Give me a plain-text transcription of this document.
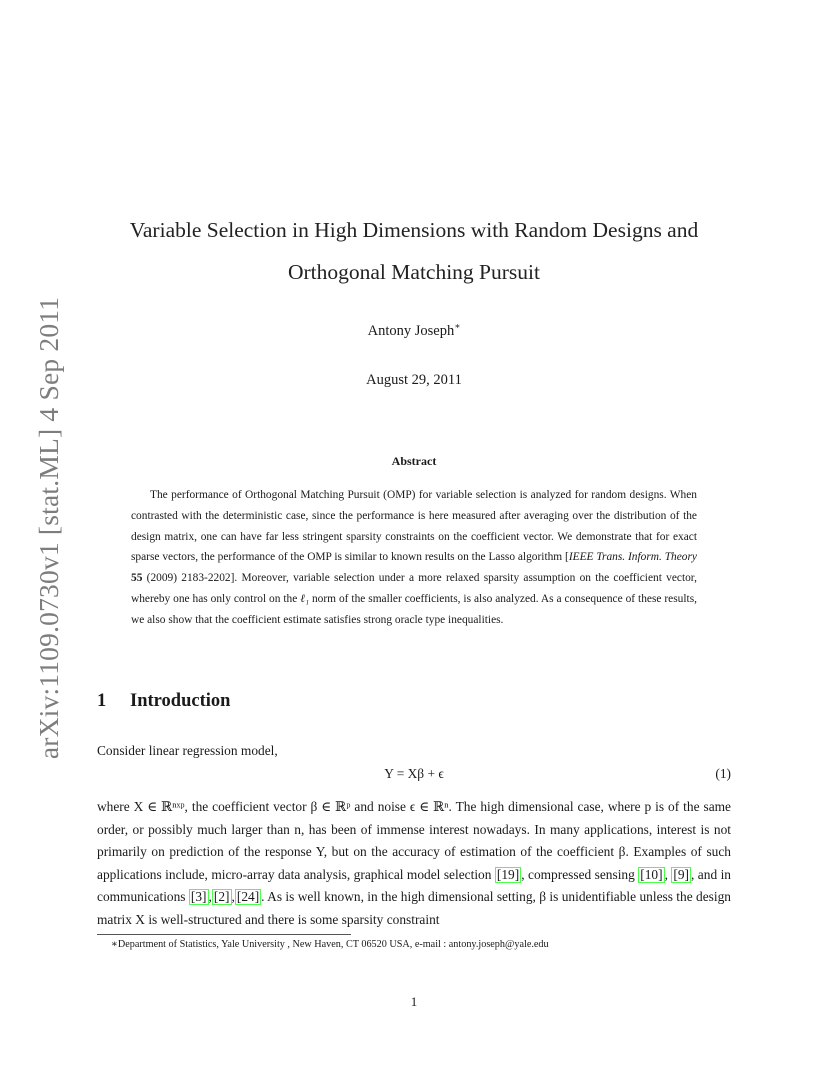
arXiv:1109.0730v1 [stat.ML] 4 Sep 2011
Variable Selection in High Dimensions with Random Designs and
Orthogonal Matching Pursuit
Antony Joseph∗
August 29, 2011
Abstract

The performance of Orthogonal Matching Pursuit (OMP) for variable selection is analyzed for random designs. When contrasted with the deterministic case, since the performance is here measured after averaging over the distribution of the design matrix, one can have far less stringent sparsity constraints on the coefficient vector. We demonstrate that for exact sparse vectors, the performance of the OMP is similar to known results on the Lasso algorithm [IEEE Trans. Inform. Theory 55 (2009) 2183-2202]. Moreover, variable selection under a more relaxed sparsity assumption on the coefficient vector, whereby one has only control on the ℓ₁ norm of the smaller coefficients, is also analyzed. As a consequence of these results, we also show that the coefficient estimate satisfies strong oracle type inequalities.

1 Introduction
Consider linear regression model,
Y = Xβ + ϵ	(1)

where X ∈ ℝⁿˣᵖ, the coefficient vector β ∈ ℝᵖ and noise ϵ ∈ ℝⁿ. The high dimensional case, where p is of the same order, or possibly much larger than n, has been of immense interest nowadays. In many applications, interest is not primarily on prediction of the response Y, but on the accuracy of estimation of the coefficient β. Examples of such applications include, micro-array data analysis, graphical model selection [19] , compressed sensing [10] , [9] , and in communications [3] , [2] , [24] . As is well known, in the high dimensional setting, β is unidentifiable unless the design matrix X is well-structured and there is some sparsity constraint

∗Department of Statistics, Yale University , New Haven, CT 06520 USA, e-mail : antony.joseph@yale.edu
1
